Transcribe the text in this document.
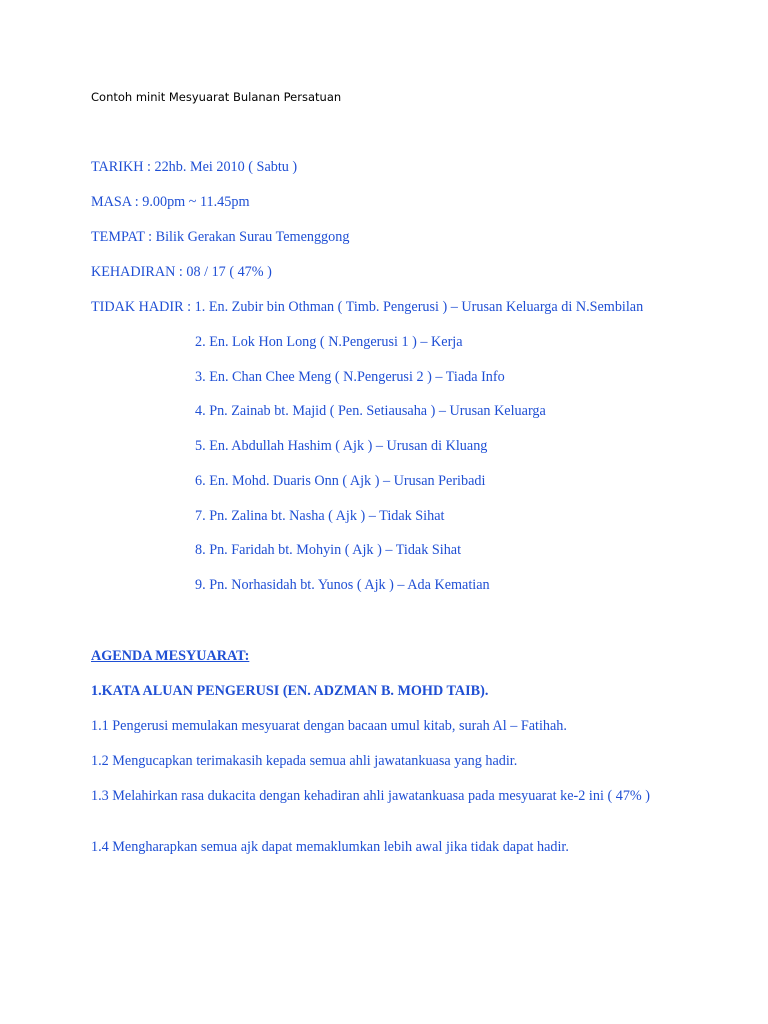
Contoh minit Mesyuarat Bulanan Persatuan
TARIKH : 22hb. Mei 2010 ( Sabtu )
MASA : 9.00pm ~ 11.45pm
TEMPAT : Bilik Gerakan Surau Temenggong
KEHADIRAN : 08 / 17 ( 47% )
TIDAK HADIR : 1. En. Zubir bin Othman ( Timb. Pengerusi ) – Urusan Keluarga di N.Sembilan
2. En. Lok Hon Long ( N.Pengerusi 1 ) – Kerja
3. En. Chan Chee Meng ( N.Pengerusi 2 ) – Tiada Info
4. Pn. Zainab bt. Majid ( Pen. Setiausaha ) – Urusan Keluarga
5. En. Abdullah Hashim ( Ajk ) – Urusan di Kluang
6. En. Mohd. Duaris Onn ( Ajk ) – Urusan Peribadi
7. Pn. Zalina bt. Nasha ( Ajk ) – Tidak Sihat
8. Pn. Faridah bt. Mohyin ( Ajk ) – Tidak Sihat
9. Pn. Norhasidah bt. Yunos ( Ajk ) – Ada Kematian
AGENDA MESYUARAT:
1.KATA ALUAN PENGERUSI (EN. ADZMAN B. MOHD TAIB).
1.1 Pengerusi memulakan mesyuarat dengan bacaan umul kitab, surah Al – Fatihah.
1.2 Mengucapkan terimakasih kepada semua ahli jawatankuasa yang hadir.
1.3 Melahirkan rasa dukacita dengan kehadiran ahli jawatankuasa pada mesyuarat ke-2 ini ( 47% )
1.4 Mengharapkan semua ajk dapat memaklumkan lebih awal jika tidak dapat hadir.
